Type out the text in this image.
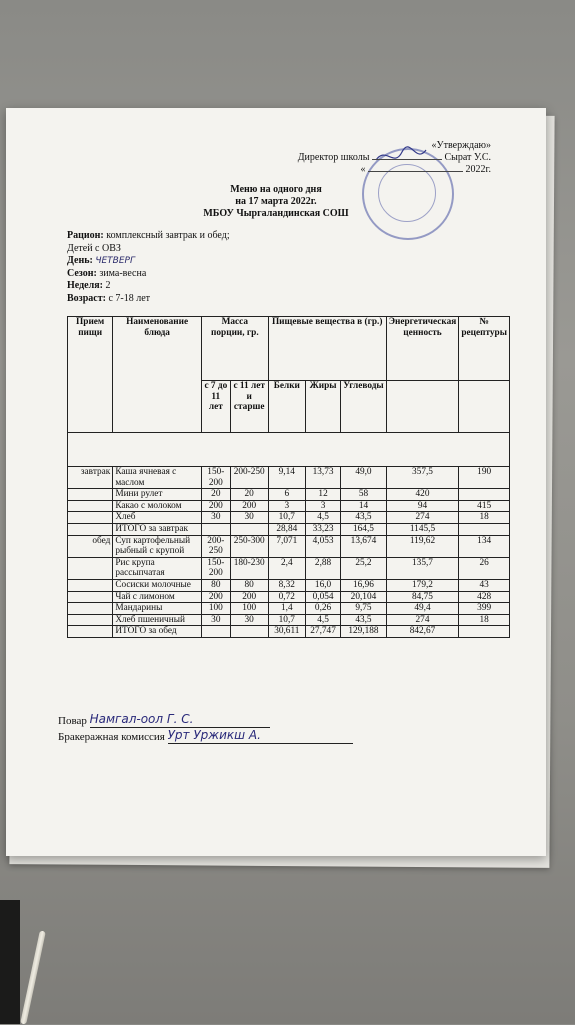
«Утверждаю»
Директор школы	Сырат У.С.
«	2022г.
Меню на одного дня
на 17 марта 2022г.
МБОУ Чыргаландинская СОШ
Рацион: комплексный завтрак и обед;
Детей с ОВЗ
День: ЧЕТВЕРГ
Сезон: зима-весна
Неделя: 2
Возраст: с 7-18 лет
Прием пищи	Наименование блюда	Масса порции, гр.		Пищевые вещества в (гр.)			Энергетическая ценность	№ рецептуры
		с 7 до 11 лет	с 11 лет и старше	Белки	Жиры	Углеводы		

завтрак	Каша ячневая с маслом	150-200	200-250	9,14	13,73	49,0	357,5	190
	Мини рулет	20	20	6	12	58	420	
	Какао с молоком	200	200	3	3	14	94	415
	Хлеб	30	30	10,7	4,5	43,5	274	18
	ИТОГО за завтрак			28,84	33,23	164,5	1145,5	
обед	Суп картофельный рыбный с крупой	200-250	250-300	7,071	4,053	13,674	119,62	134
	Рис крупа рассыпчатая	150-200	180-230	2,4	2,88	25,2	135,7	26
	Сосиски молочные	80	80	8,32	16,0	16,96	179,2	43
	Чай с лимоном	200	200	0,72	0,054	20,104	84,75	428
	Мандарины	100	100	1,4	0,26	9,75	49,4	399
	Хлеб пшеничный	30	30	10,7	4,5	43,5	274	18
	ИТОГО за обед			30,611	27,747	129,188	842,67	
Повар Намгал-оол Г. С.
Бракеражная комиссия Урт Уржикш А.
